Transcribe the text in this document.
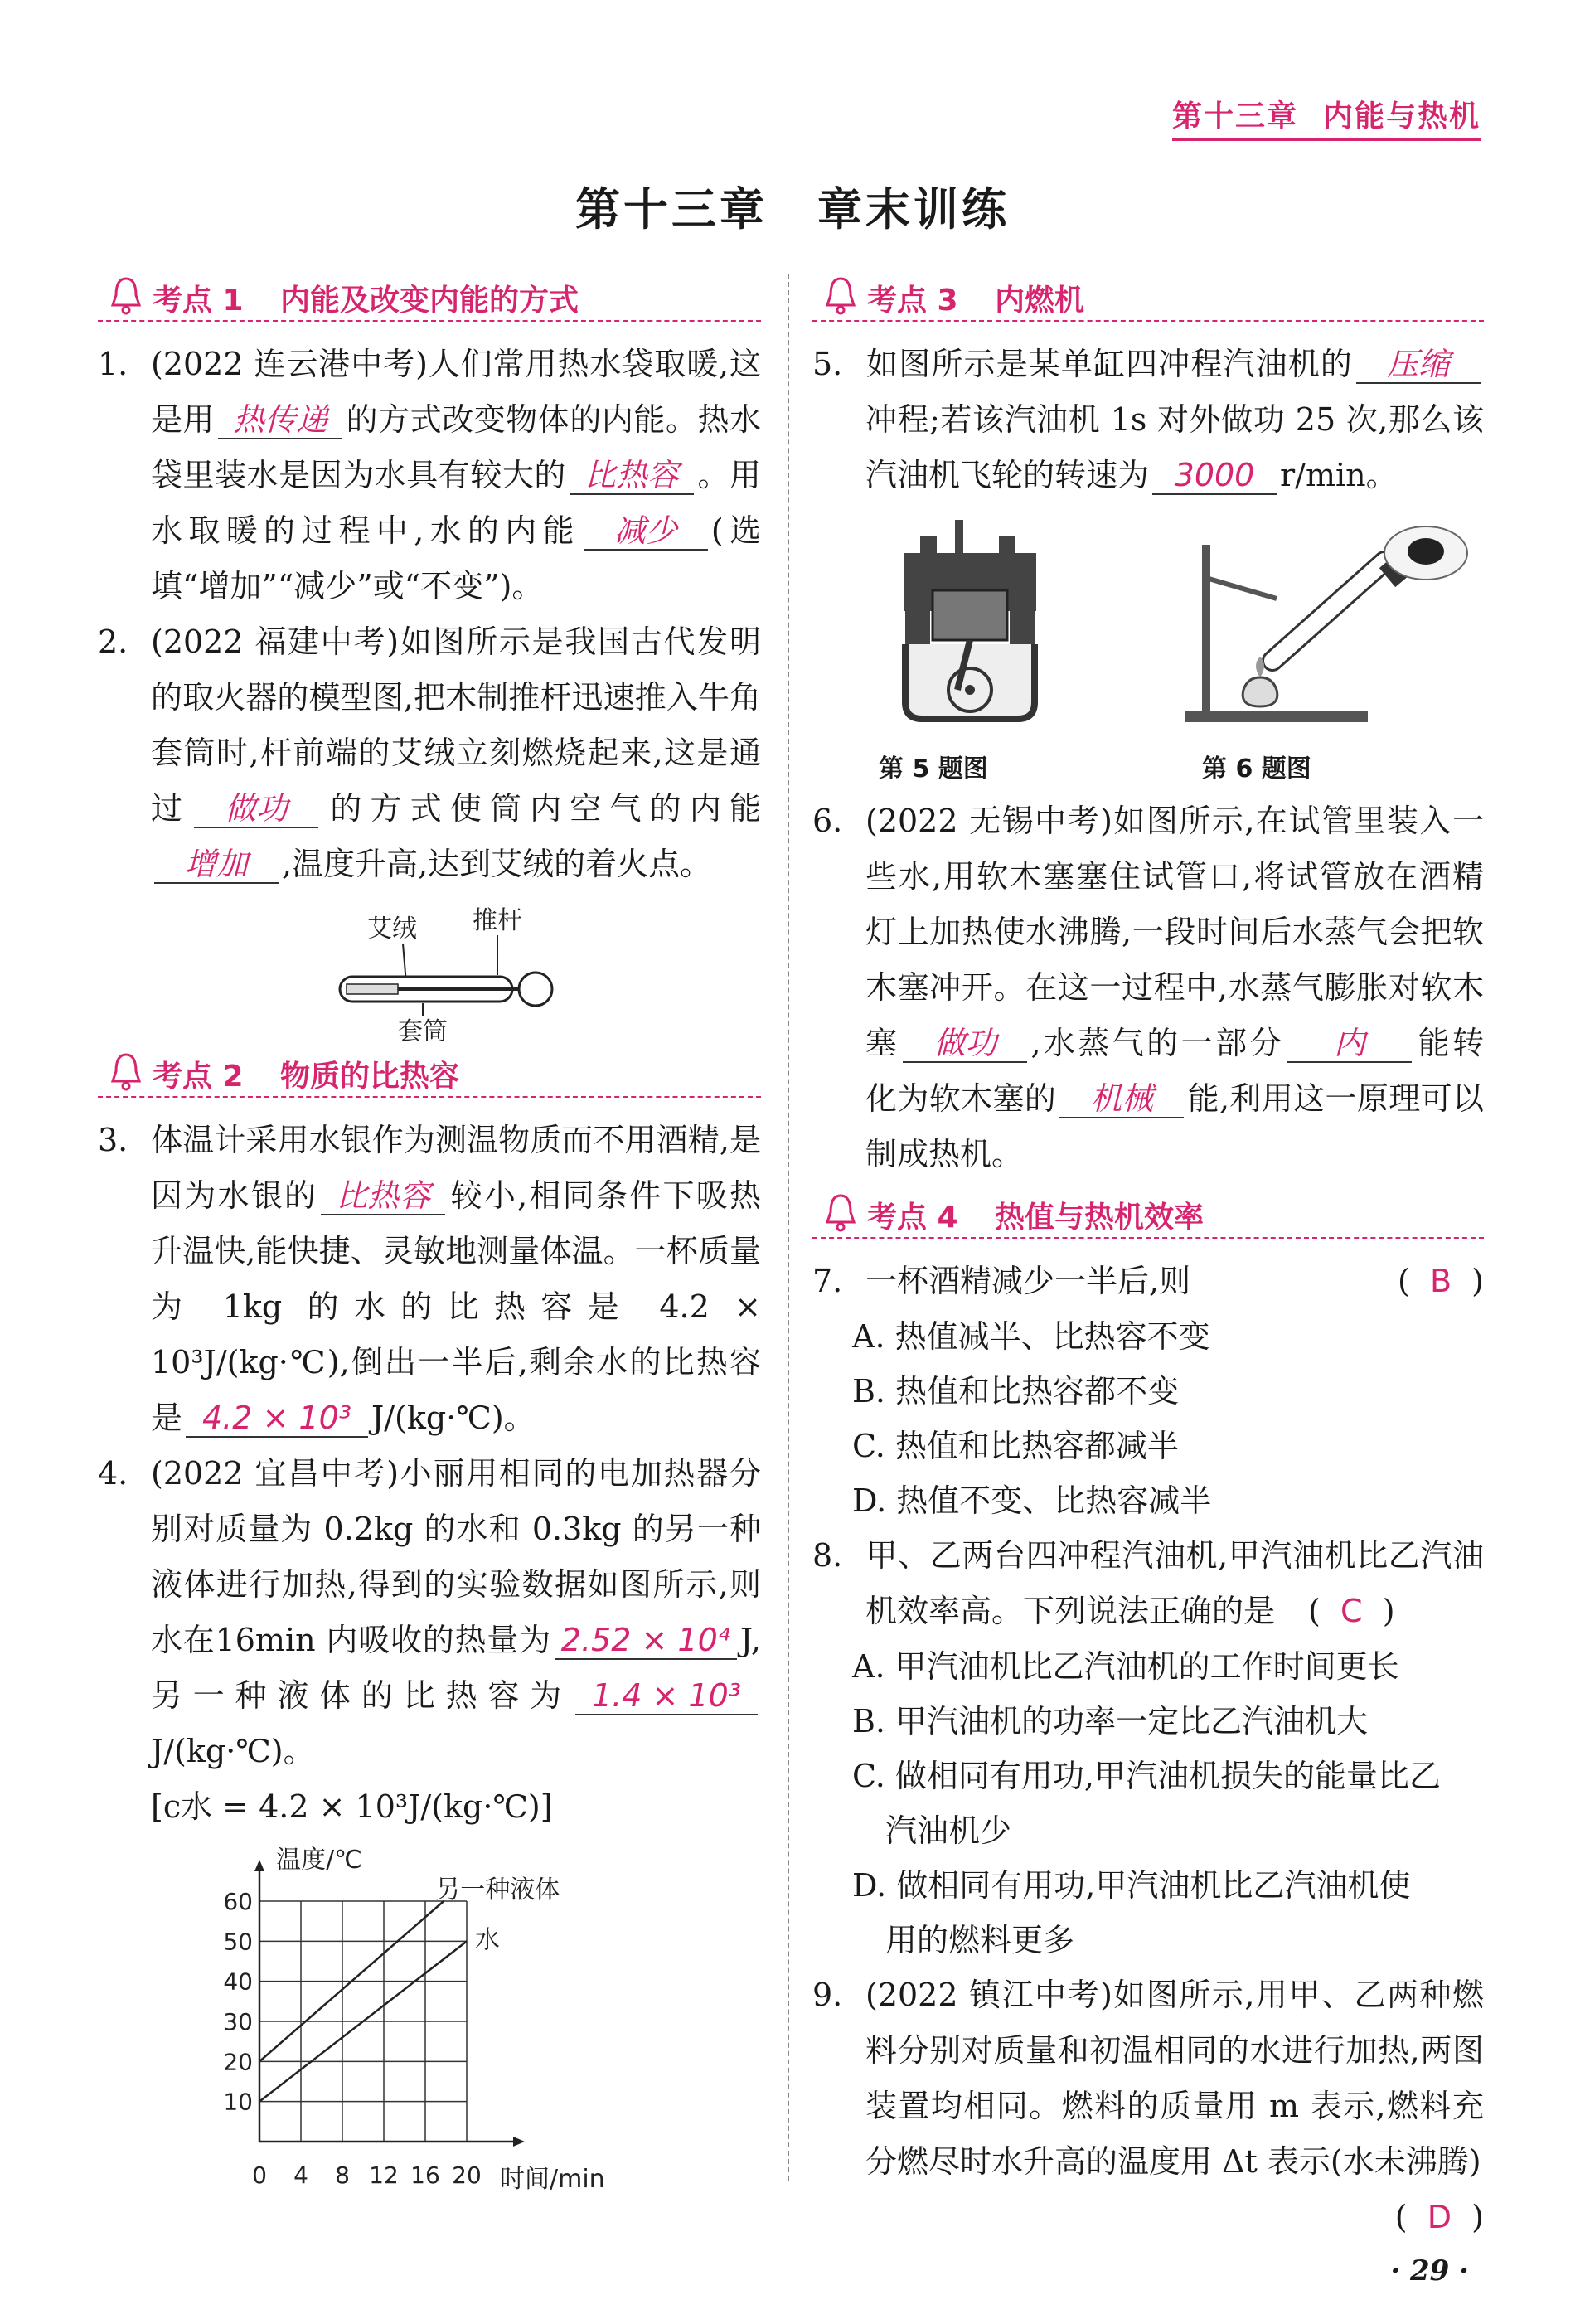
第十三章 内能与热机
第十三章 章末训练
考点 1 内能及改变内能的方式

1. (2022 连云港中考)人们常用热水袋取暖,这是用 热传递 的方式改变物体的内能。热水袋里装水是因为水具有较大的 比热容 。用水取暖的过程中,水的内能 减少 (选填“增加”“减少”或“不变”)。

2. (2022 福建中考)如图所示是我国古代发明的取火器的模型图,把木制推杆迅速推入牛角套筒时,杆前端的艾绒立刻燃烧起来,这是通过 做功 的方式使筒内空气的内能增加 ,温度升高,达到艾绒的着火点。

艾绒 推杆
套筒
考点 2 物质的比热容

3. 体温计采用水银作为测温物质而不用酒精,是因为水银的 比热容 较小,相同条件下吸热升温快,能快捷、灵敏地测量体温。一杯质量为 1kg 的水的比热容是 4.2 × 10³J/(kg·℃),倒出一半后,剩余水的比热容是 4.2 × 10³ J/(kg·℃)。

4. (2022 宜昌中考)小丽用相同的电加热器分别对质量为 0.2kg 的水和 0.3kg 的另一种液体进行加热,得到的实验数据如图所示,则水在16min 内吸收的热量为 2.52 × 10⁴ J,另一种液体的比热容为 1.4 × 10³J/(kg·℃)。

[c水 = 4.2 × 10³J/(kg·℃)]

0 4 8 12 16 20
10
20
30
40
50
60
温度/℃
时间/min
另一种液体
水
考点 3 内燃机

5. 如图所示是某单缸四冲程汽油机的 压缩冲程;若该汽油机 1s 对外做功 25 次,那么该汽油机飞轮的转速为 3000 r/min。

第 5 题图	第 6 题图

6. (2022 无锡中考)如图所示,在试管里装入一些水,用软木塞塞住试管口,将试管放在酒精灯上加热使水沸腾,一段时间后水蒸气会把软木塞冲开。在这一过程中,水蒸气膨胀对软木塞 做功 ,水蒸气的一部分 内 能转化为软木塞的 机械 能,利用这一原理可以制成热机。

考点 4 热值与热机效率

(  B  )
7. 一杯酒精减少一半后,则

A. 热值减半、比热容不变

B. 热值和比热容都不变

C. 热值和比热容都减半

D. 热值不变、比热容减半

8. 甲、乙两台四冲程汽油机,甲汽油机比乙汽油机效率高。下列说法正确的是 (  C  )

A. 甲汽油机比乙汽油机的工作时间更长

B. 甲汽油机的功率一定比乙汽油机大

C. 做相同有用功,甲汽油机损失的能量比乙

汽油机少

D. 做相同有用功,甲汽油机比乙汽油机使

用的燃料更多

9. (2022 镇江中考)如图所示,用甲、乙两种燃料分别对质量和初温相同的水进行加热,两图装置均相同。燃料的质量用 m 表示,燃料充分燃尽时水升高的温度用 Δt 表示(水未沸腾)
(  D  )

· 29 ·
